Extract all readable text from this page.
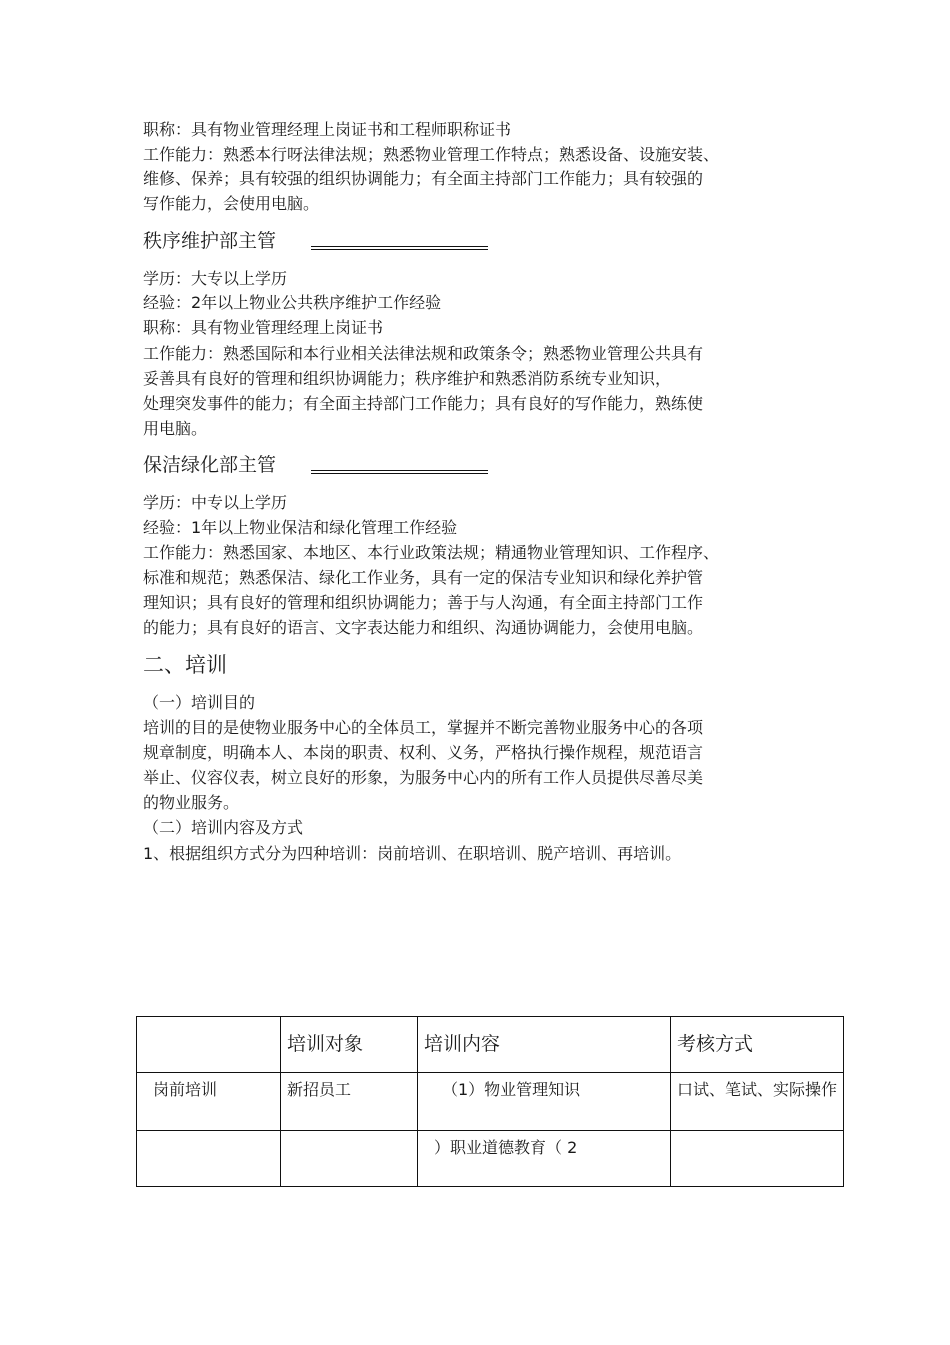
职称：具有物业管理经理上岗证书和工程师职称证书
工作能力：熟悉本行呀法律法规；熟悉物业管理工作特点；熟悉设备、设施安装、
维修、保养；具有较强的组织协调能力；有全面主持部门工作能力；具有较强的
写作能力，会使用电脑。
秩序维护部主管
学历：大专以上学历
经验：2年以上物业公共秩序维护工作经验
职称：具有物业管理经理上岗证书
工作能力：熟悉国际和本行业相关法律法规和政策条令；熟悉物业管理公共具有
妥善具有良好的管理和组织协调能力；秩序维护和熟悉消防系统专业知识，
处理突发事件的能力；有全面主持部门工作能力；具有良好的写作能力，熟练使
用电脑。
保洁绿化部主管
学历：中专以上学历
经验：1年以上物业保洁和绿化管理工作经验
工作能力：熟悉国家、本地区、本行业政策法规；精通物业管理知识、工作程序、
标准和规范；熟悉保洁、绿化工作业务，具有一定的保洁专业知识和绿化养护管
理知识；具有良好的管理和组织协调能力；善于与人沟通，有全面主持部门工作
的能力；具有良好的语言、文字表达能力和组织、沟通协调能力，会使用电脑。
二、培训
（一）培训目的
培训的目的是使物业服务中心的全体员工，掌握并不断完善物业服务中心的各项
规章制度，明确本人、本岗的职责、权利、义务，严格执行操作规程，规范语言
举止、仪容仪表，树立良好的形象，为服务中心内的所有工作人员提供尽善尽美
的物业服务。
（二）培训内容及方式
1、根据组织方式分为四种培训：岗前培训、在职培训、脱产培训、再培训。
	培训对象	培训内容	考核方式
岗前培训	新招员工	（1）物业管理知识	口试、笔试、实际操作
		）职业道德教育（ 2	
